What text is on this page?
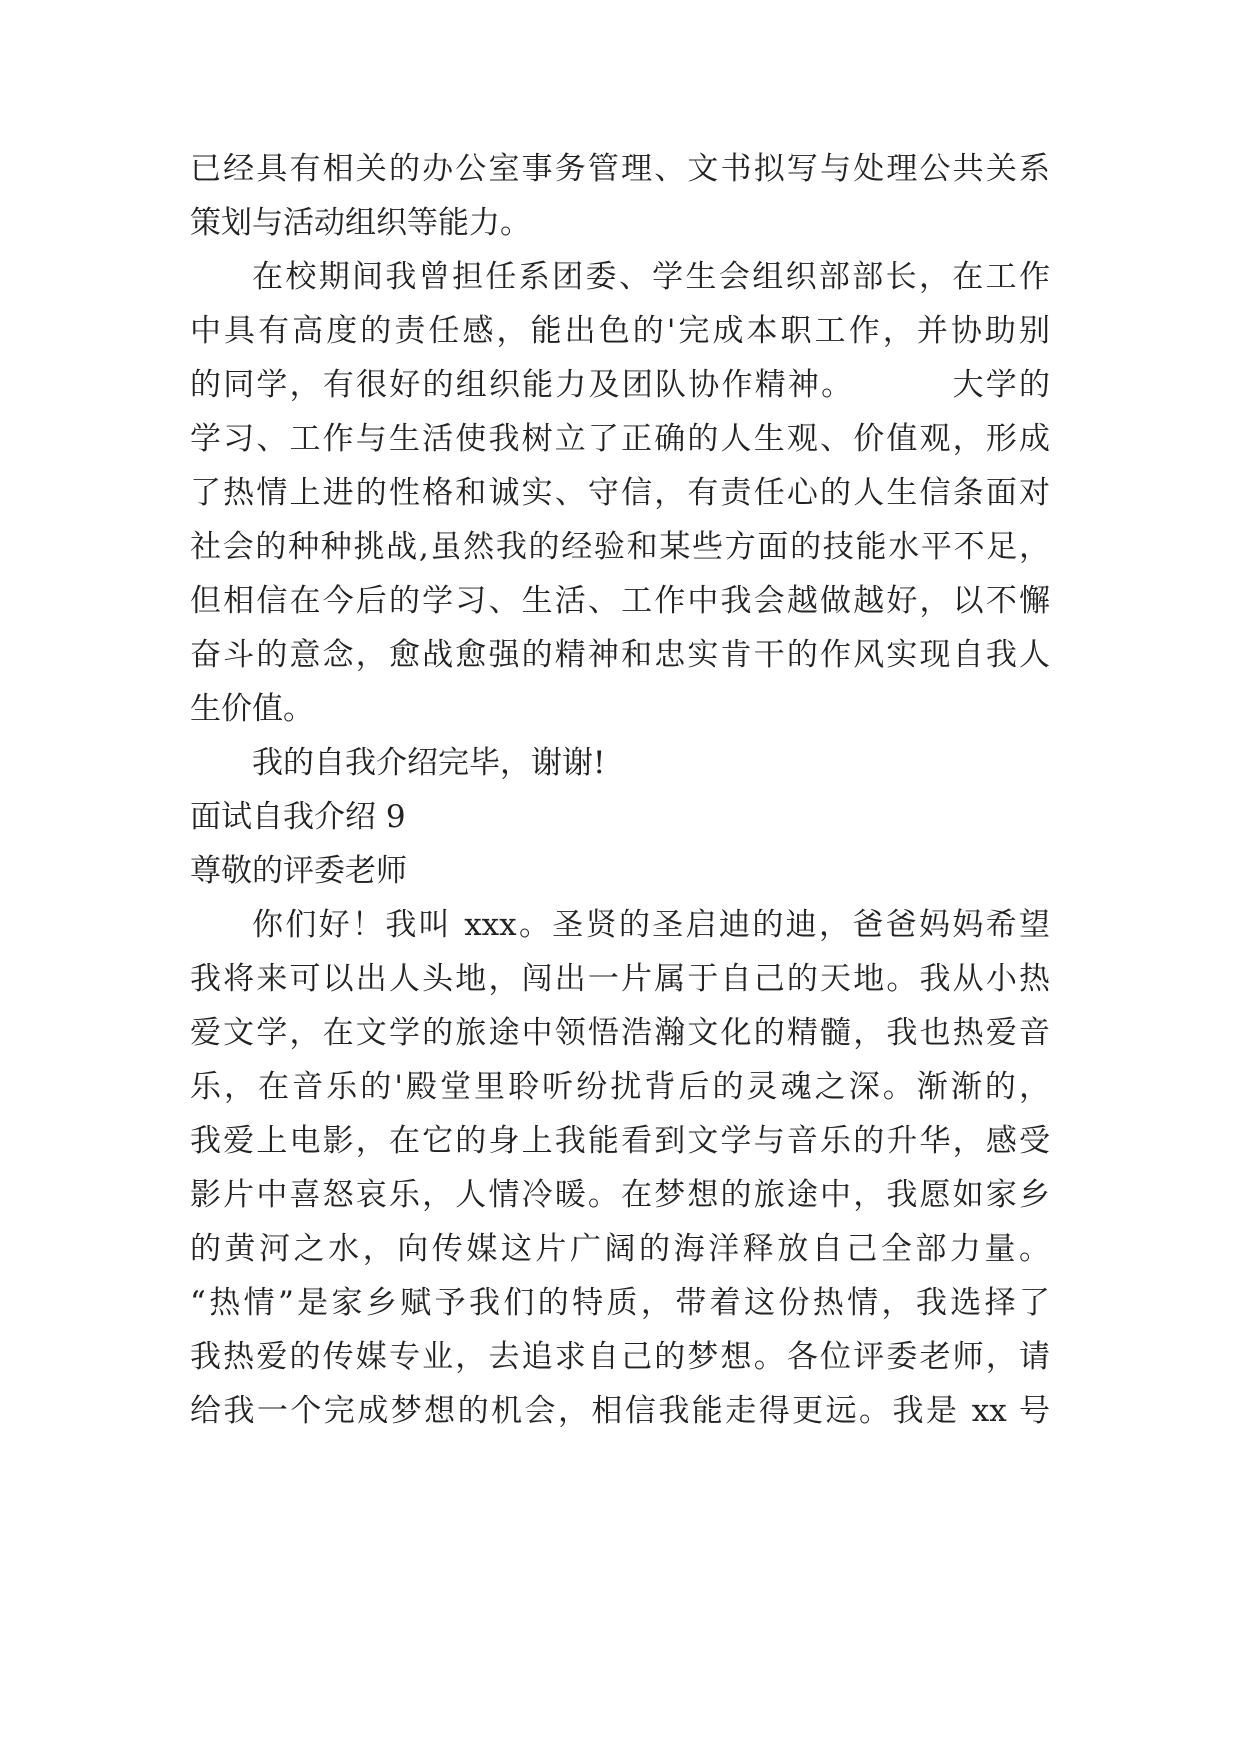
已经具有相关的办公室事务管理、文书拟写与处理公共关系
策划与活动组织等能力。
在校期间我曾担任系团委、学生会组织部部长，在工作
中具有高度的责任感，能出色的'完成本职工作，并协助别
的同学，有很好的组织能力及团队协作精神。	大学的
学习、工作与生活使我树立了正确的人生观、价值观，形成
了热情上进的性格和诚实、守信，有责任心的人生信条面对
社会的种种挑战,虽然我的经验和某些方面的技能水平不足，
但相信在今后的学习、生活、工作中我会越做越好，以不懈
奋斗的意念，愈战愈强的精神和忠实肯干的作风实现自我人
生价值。
我的自我介绍完毕，谢谢!
面试自我介绍 9
尊敬的评委老师
你们好！我叫 xxx。圣贤的圣启迪的迪，爸爸妈妈希望
我将来可以出人头地，闯出一片属于自己的天地。我从小热
爱文学，在文学的旅途中领悟浩瀚文化的精髓，我也热爱音
乐，在音乐的'殿堂里聆听纷扰背后的灵魂之深。渐渐的，
我爱上电影，在它的身上我能看到文学与音乐的升华，感受
影片中喜怒哀乐，人情冷暖。在梦想的旅途中，我愿如家乡
的黄河之水，向传媒这片广阔的海洋释放自己全部力量。
“热情”是家乡赋予我们的特质，带着这份热情，我选择了
我热爱的传媒专业，去追求自己的梦想。各位评委老师，请
给我一个完成梦想的机会，相信我能走得更远。我是 xx 号
